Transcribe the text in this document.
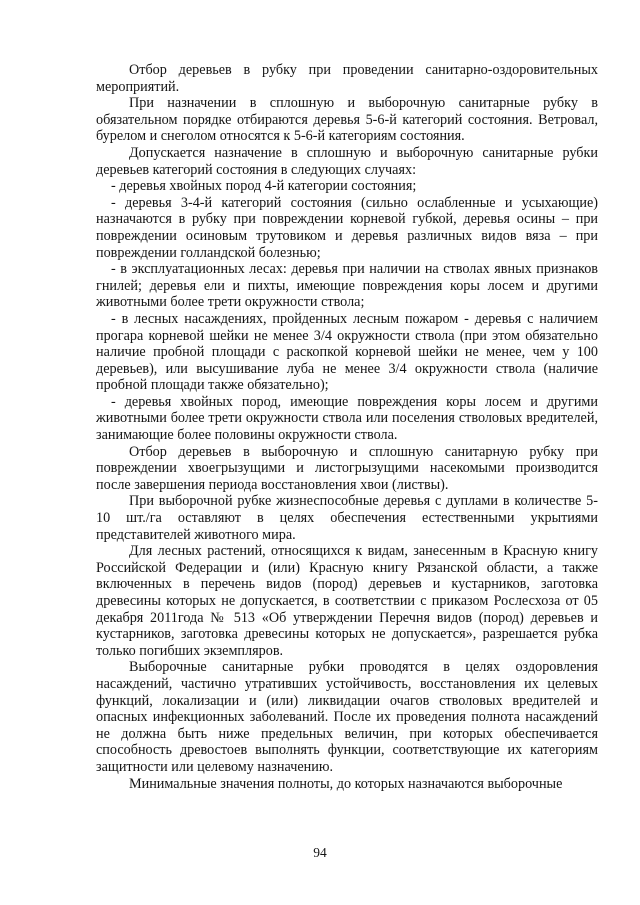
Отбор деревьев в рубку при проведении санитарно-оздоровительных мероприятий.

При назначении в сплошную и выборочную санитарные рубку в обязательном порядке отбираются деревья 5-6-й категорий состояния. Ветровал, бурелом и снеголом относятся к 5-6-й категориям состояния.

Допускается назначение в сплошную и выборочную санитарные рубки деревьев категорий состояния в следующих случаях:

- деревья хвойных пород 4-й категории состояния;

- деревья 3-4-й категорий состояния (сильно ослабленные и усыхающие) назначаются в рубку при повреждении корневой губкой, деревья осины – при повреждении осиновым трутовиком и деревья различных видов вяза – при повреждении голландской болезнью;

- в эксплуатационных лесах: деревья при наличии на стволах явных признаков гнилей; деревья ели и пихты, имеющие повреждения коры лосем и другими животными более трети окружности ствола;

- в лесных насаждениях, пройденных лесным пожаром - деревья с наличием прогара корневой шейки не менее 3/4 окружности ствола (при этом обязательно наличие пробной площади с раскопкой корневой шейки не менее, чем у 100 деревьев), или высушивание луба не менее 3/4 окружности ствола (наличие пробной площади также обязательно);

- деревья хвойных пород, имеющие повреждения коры лосем и другими животными более трети окружности ствола или поселения стволовых вредителей, занимающие более половины окружности ствола.

Отбор деревьев в выборочную и сплошную санитарную рубку при повреждении хвоегрызущими и листогрызущими насекомыми производится после завершения периода восстановления хвои (листвы).

При выборочной рубке жизнеспособные деревья с дуплами в количестве 5-10 шт./га оставляют в целях обеспечения естественными укрытиями представителей животного мира.

Для лесных растений, относящихся к видам, занесенным в Красную книгу Российской Федерации и (или) Красную книгу Рязанской области, а также включенных в перечень видов (пород) деревьев и кустарников, заготовка древесины которых не допускается, в соответствии с приказом Рослесхоза от 05 декабря 2011года № 513 «Об утверждении Перечня видов (пород) деревьев и кустарников, заготовка древесины которых не допускается», разрешается рубка только погибших экземпляров.

Выборочные санитарные рубки проводятся в целях оздоровления насаждений, частично утративших устойчивость, восстановления их целевых функций, локализации и (или) ликвидации очагов стволовых вредителей и опасных инфекционных заболеваний. После их проведения полнота насаждений не должна быть ниже предельных величин, при которых обеспечивается способность древостоев выполнять функции, соответствующие их категориям защитности или целевому назначению.

Минимальные значения полноты, до которых назначаются выборочные

94
